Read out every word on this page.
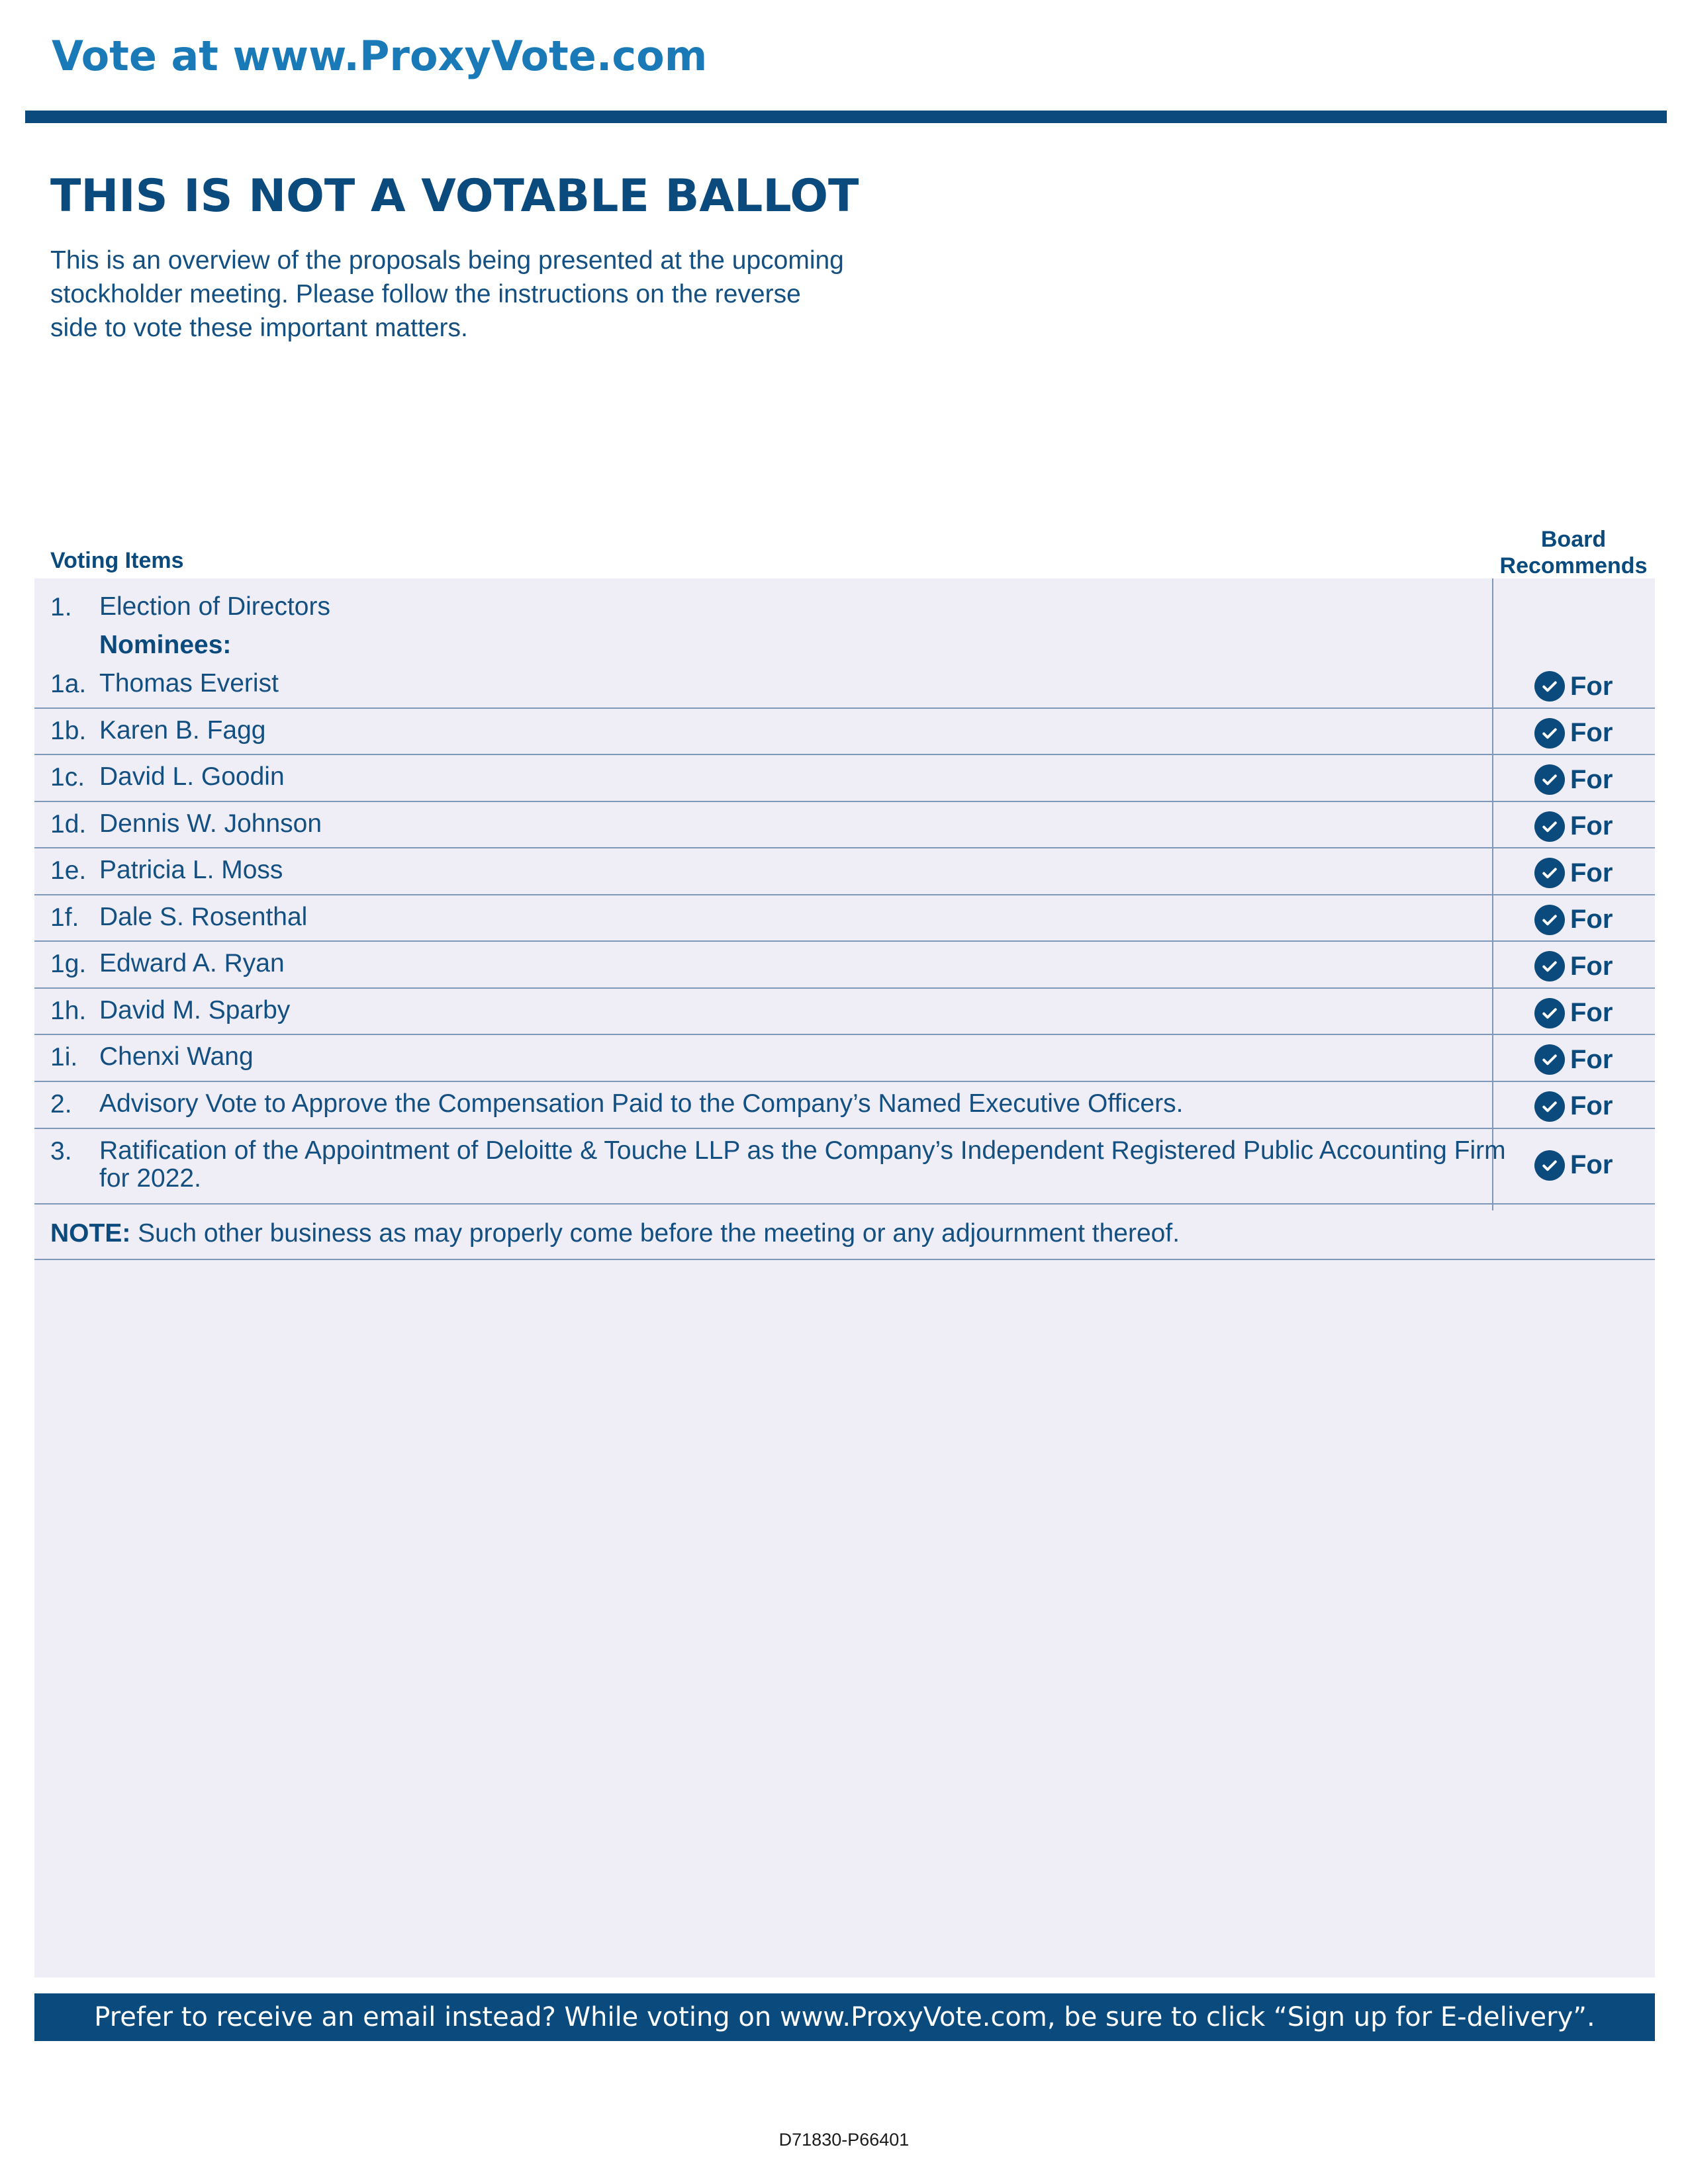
Vote at www.ProxyVote.com
THIS IS NOT A VOTABLE BALLOT
This is an overview of the proposals being presented at the upcoming stockholder meeting. Please follow the instructions on the reverse side to vote these important matters.
Voting Items
Board
Recommends
1. Election of Directors
Nominees:
1a. Thomas Everist	For
1b. Karen B. Fagg	For
1c. David L. Goodin	For
1d. Dennis W. Johnson	For
1e. Patricia L. Moss	For
1f. Dale S. Rosenthal	For
1g. Edward A. Ryan	For
1h. David M. Sparby	For
1i. Chenxi Wang	For
2. Advisory Vote to Approve the Compensation Paid to the Company’s Named Executive Officers.	For
3. Ratification of the Appointment of Deloitte & Touche LLP as the Company’s Independent Registered Public Accounting Firm for 2022.	For
NOTE: Such other business as may properly come before the meeting or any adjournment thereof.
Prefer to receive an email instead? While voting on www.ProxyVote.com, be sure to click “Sign up for E-delivery”.
D71830-P66401
